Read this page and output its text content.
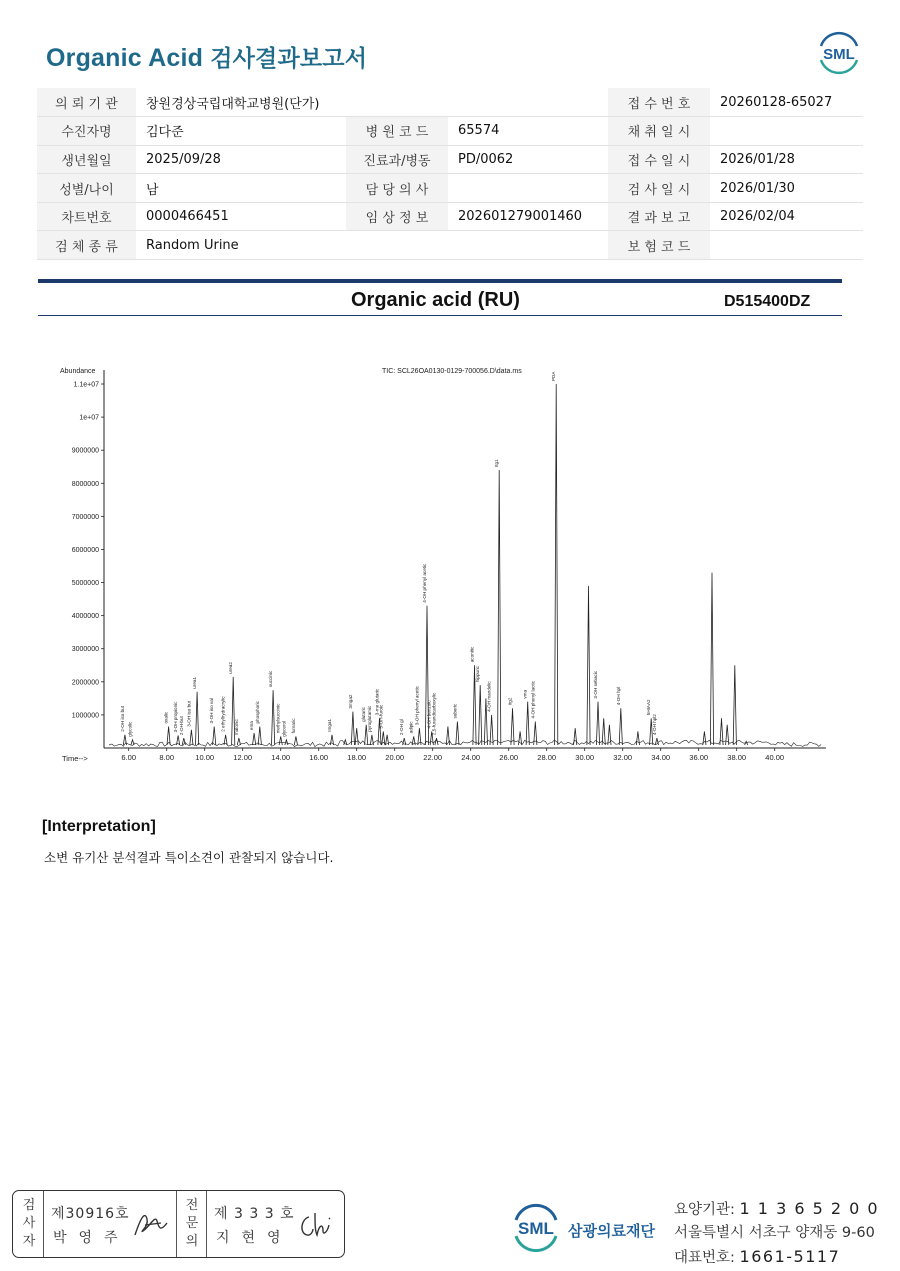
Organic Acid 검사결과보고서	SML
의 뢰 기 관	창원경상국립대학교병원(단가)			접 수 번 호	20260128-65027
수진자명	김다준	병 원 코 드	65574	채 취 일 시	
생년월일	2025/09/28	진료과/병동	PD/0062	접 수 일 시	2026/01/28
성별/나이	남	담 당 의 사		검 사 일 시	2026/01/30
차트번호	0000466451	임 상 정 보	202601279001460	결 과 보 고	2026/02/04
검 체 종 류	Random Urine			보 험 코 드	
Organic acid (RU)	D515400DZ
1.1e+07
1e+07
9000000
8000000
7000000
6000000
5000000
4000000
3000000
2000000
1000000
6.00	8.00	10.00	12.00	14.00	16.00	18.00	20.00	22.00	24.00	26.00	28.00	30.00	32.00	34.00	36.00	38.00	40.00
Abundance
Time-->
TIC: SCL26OA0130-0129-700056.D\data.ms
2-OH iso but glycolic
oxalic 3-OH propionic 2-OH-but 3-OH iso but
urea1
3-OH iso val 2 ethylhydracrylic
urea2
malonic ema
phosphoric
succinic
methylsuccinic glycerol fumaric	Imga1
3mga2
glutaric pyroglutamic
3-me glutaric
5-OH-furoic	2-OH gl adipic
3-OH phenyl acetic
4-OH phenyl acetic
4-OH benzoic 2,5-furandicarboxylic	suberic
aconitic
hippuric
4-OH mandelic
Itg1
Itg2
vma 4-OH phenyl lactic
PDA
3-OH sebacic	4-OH hpl
5HIAA2
4-OH hpl2
[Interpretation]
소변 유기산 분석결과 특이소견이 관찰되지 않습니다.
검
사
자
제30916호
박영주
전
문
의
제 3 3 3 호
지현영	SML 삼광의료재단
요양기관: 1 1 3 6 5 2 0 0
서울특별시 서초구 양재동 9-60
대표번호: 1661-5117
